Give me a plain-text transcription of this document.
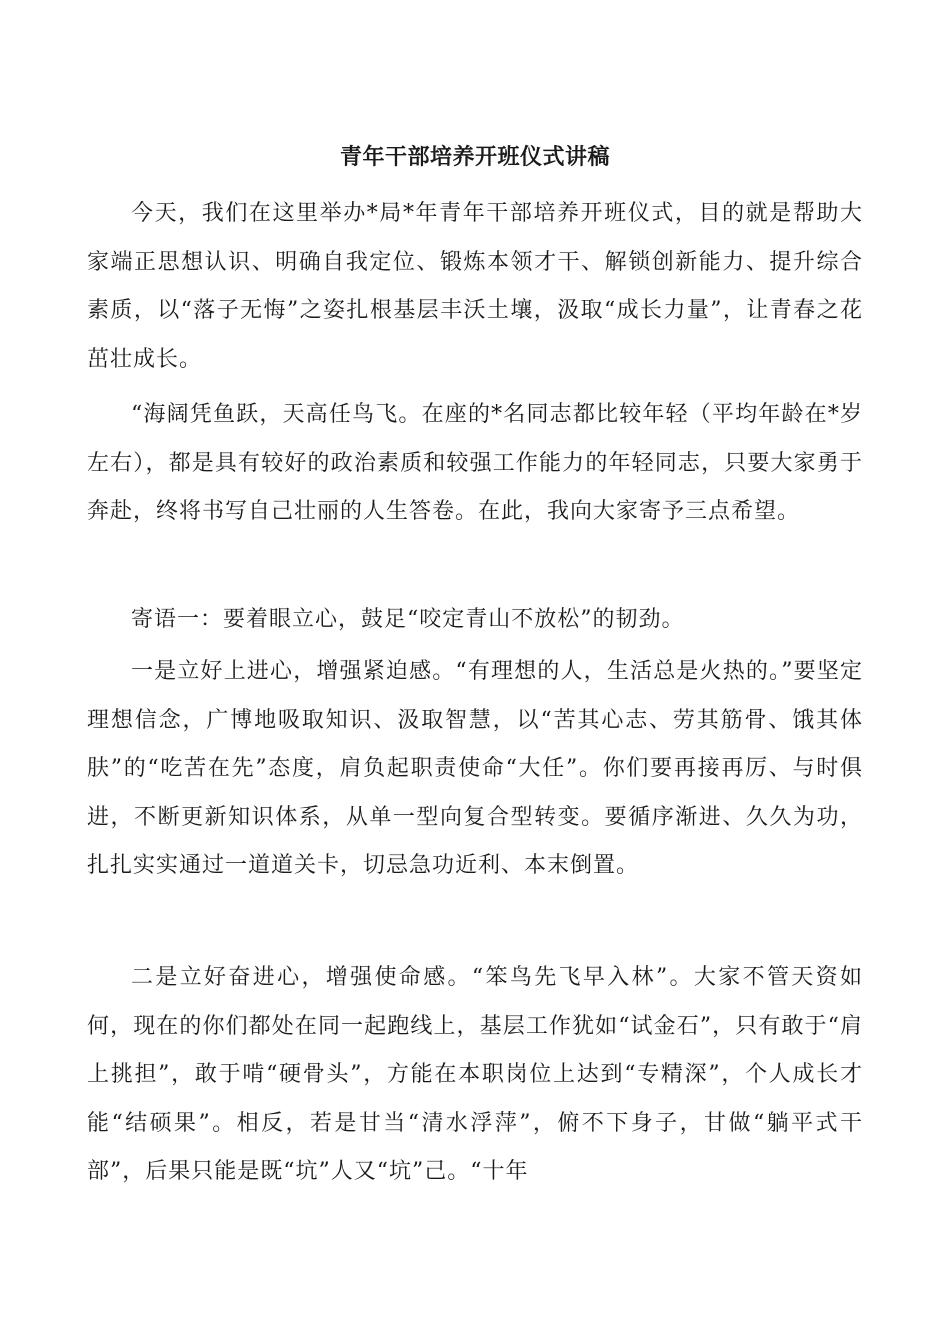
青年干部培养开班仪式讲稿

今天，我们在这里举办*局*年青年干部培养开班仪式，目的就是帮助大家端正思想认识、明确自我定位、锻炼本领才干、解锁创新能力、提升综合素质，以“落子无悔”之姿扎根基层丰沃土壤，汲取“成长力量”，让青春之花茁壮成长。

“海阔凭鱼跃，天高任鸟飞。在座的*名同志都比较年轻（平均年龄在*岁左右），都是具有较好的政治素质和较强工作能力的年轻同志，只要大家勇于奔赴，终将书写自己壮丽的人生答卷。在此，我向大家寄予三点希望。

寄语一：要着眼立心，鼓足“咬定青山不放松”的韧劲。

一是立好上进心，增强紧迫感。“有理想的人，生活总是火热的。”要坚定理想信念，广博地吸取知识、汲取智慧，以“苦其心志、劳其筋骨、饿其体肤”的“吃苦在先”态度，肩负起职责使命“大任”。你们要再接再厉、与时俱进，不断更新知识体系，从单一型向复合型转变。要循序渐进、久久为功，扎扎实实通过一道道关卡，切忌急功近利、本末倒置。

二是立好奋进心，增强使命感。“笨鸟先飞早入林”。大家不管天资如何，现在的你们都处在同一起跑线上，基层工作犹如“试金石”，只有敢于“肩上挑担”，敢于啃“硬骨头”，方能在本职岗位上达到“专精深”，个人成长才能“结硕果”。相反，若是甘当“清水浮萍”，俯不下身子，甘做“躺平式干部”，后果只能是既“坑”人又“坑”己。“十年
